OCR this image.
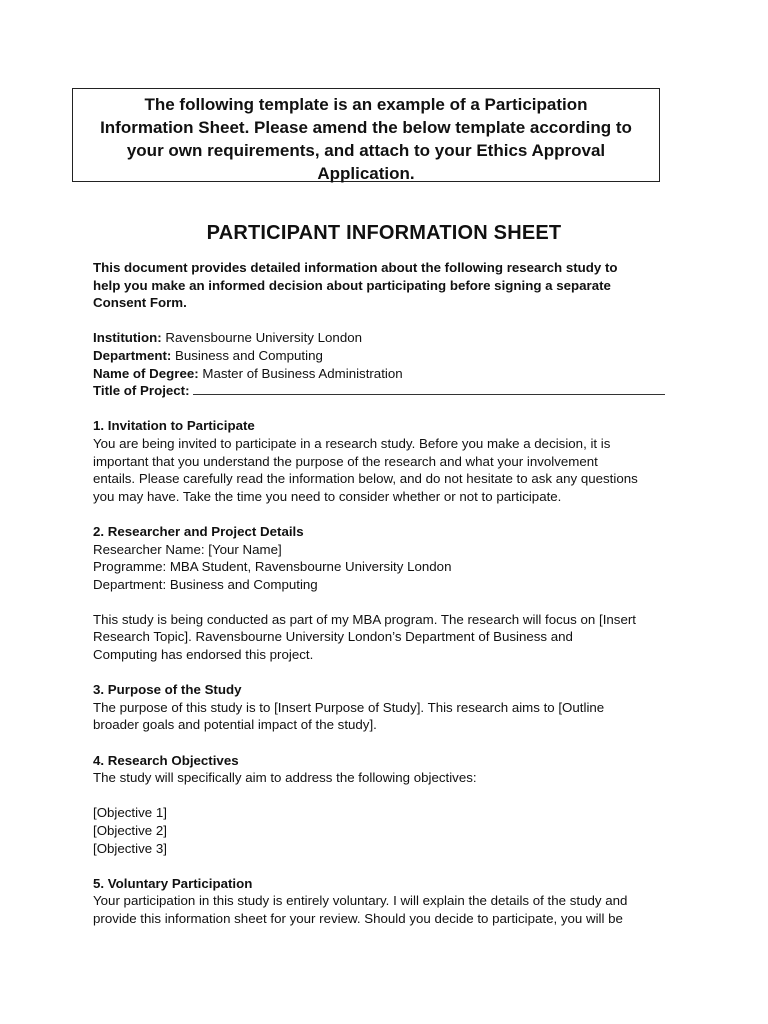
The following template is an example of a Participation
Information Sheet. Please amend the below template according to
your own requirements, and attach to your Ethics Approval
Application.
PARTICIPANT INFORMATION SHEET

This document provides detailed information about the following research study to
help you make an informed decision about participating before signing a separate
Consent Form.

Institution: Ravensbourne University London
Department: Business and Computing
Name of Degree: Master of Business Administration
Title of Project:

1. Invitation to Participate
You are being invited to participate in a research study. Before you make a decision, it is
important that you understand the purpose of the research and what your involvement
entails. Please carefully read the information below, and do not hesitate to ask any questions
you may have. Take the time you need to consider whether or not to participate.

2. Researcher and Project Details
Researcher Name: [Your Name]
Programme: MBA Student, Ravensbourne University London
Department: Business and Computing

This study is being conducted as part of my MBA program. The research will focus on [Insert
Research Topic]. Ravensbourne University London’s Department of Business and
Computing has endorsed this project.

3. Purpose of the Study
The purpose of this study is to [Insert Purpose of Study]. This research aims to [Outline
broader goals and potential impact of the study].

4. Research Objectives
The study will specifically aim to address the following objectives:

[Objective 1]
[Objective 2]
[Objective 3]

5. Voluntary Participation
Your participation in this study is entirely voluntary. I will explain the details of the study and
provide this information sheet for your review. Should you decide to participate, you will be
